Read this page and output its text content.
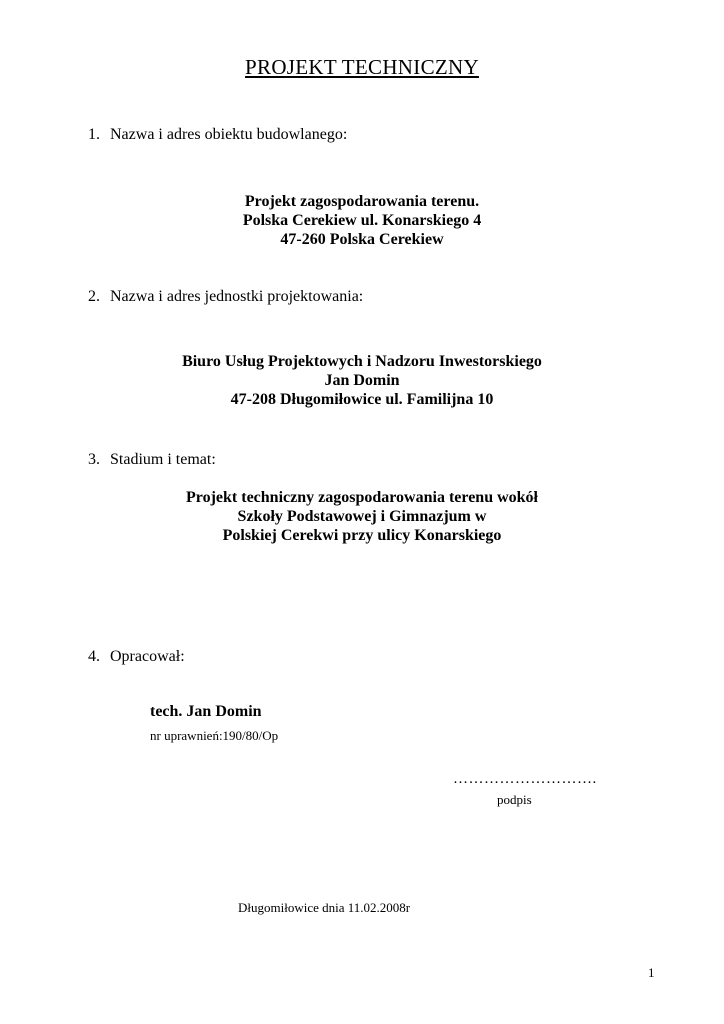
PROJEKT TECHNICZNY
1. Nazwa i adres obiektu budowlanego:
Projekt zagospodarowania terenu.
Polska Cerekiew ul. Konarskiego 4
47-260 Polska Cerekiew
2. Nazwa i adres jednostki projektowania:
Biuro Usług Projektowych i Nadzoru Inwestorskiego
Jan Domin
47-208 Długomiłowice ul. Familijna 10
3. Stadium i temat:
Projekt techniczny zagospodarowania terenu wokół
Szkoły Podstawowej i Gimnazjum w
Polskiej Cerekwi przy ulicy Konarskiego
4. Opracował:
tech. Jan Domin
nr uprawnień:190/80/Op
……………………….
podpis
Długomiłowice dnia 11.02.2008r
1
